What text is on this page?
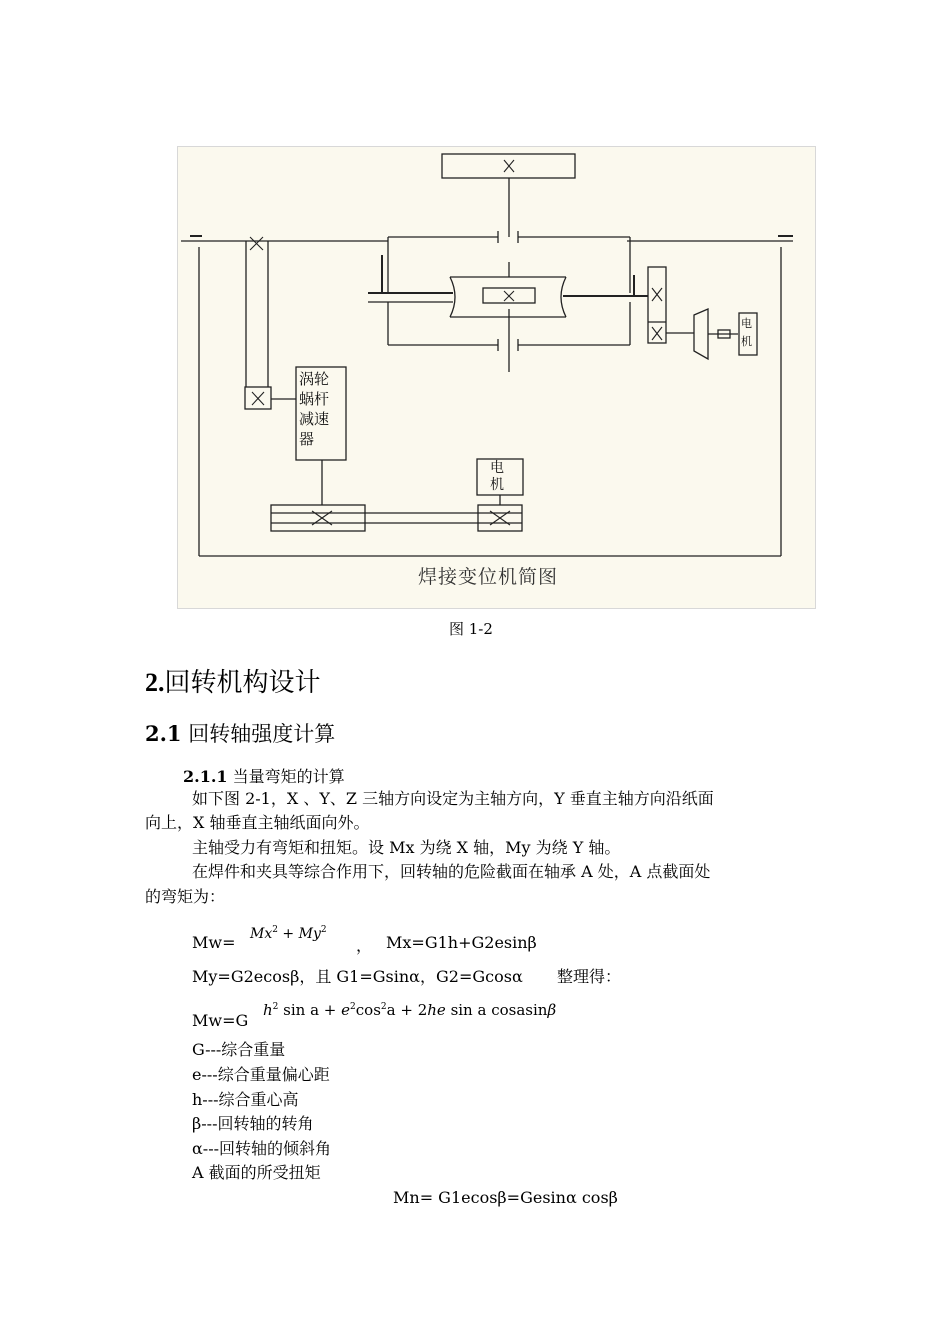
涡轮
蜗杆
减速
器
电
机
电
机
焊接变位机简图
图 1-2
2.回转机构设计
2.1 回转轴强度计算
2.1.1 当量弯矩的计算
如下图 2-1，X 、Y、Z 三轴方向设定为主轴方向，Y 垂直主轴方向沿纸面
向上，X 轴垂直主轴纸面向外。
主轴受力有弯矩和扭矩。设 Mx 为绕 X 轴，My 为绕 Y 轴。
在焊件和夹具等综合作用下，回转轴的危险截面在轴承 A 处，A 点截面处
的弯矩为：
$Mw= Mx^2 + My^2$
， Mx=G1h+G2esinβ
My=G2ecosβ，且 G1=Gsinα，G2=Gcosα 整理得：
Mw=G
$h^2$ $\sin a + e^2\cos^2a + 2he$ sin a cosasinβ
G---综合重量
e---综合重量偏心距
h---综合重心高
β---回转轴的转角
α---回转轴的倾斜角
A 截面的所受扭矩
Mn= G1ecosβ=Gesinα cosβ
